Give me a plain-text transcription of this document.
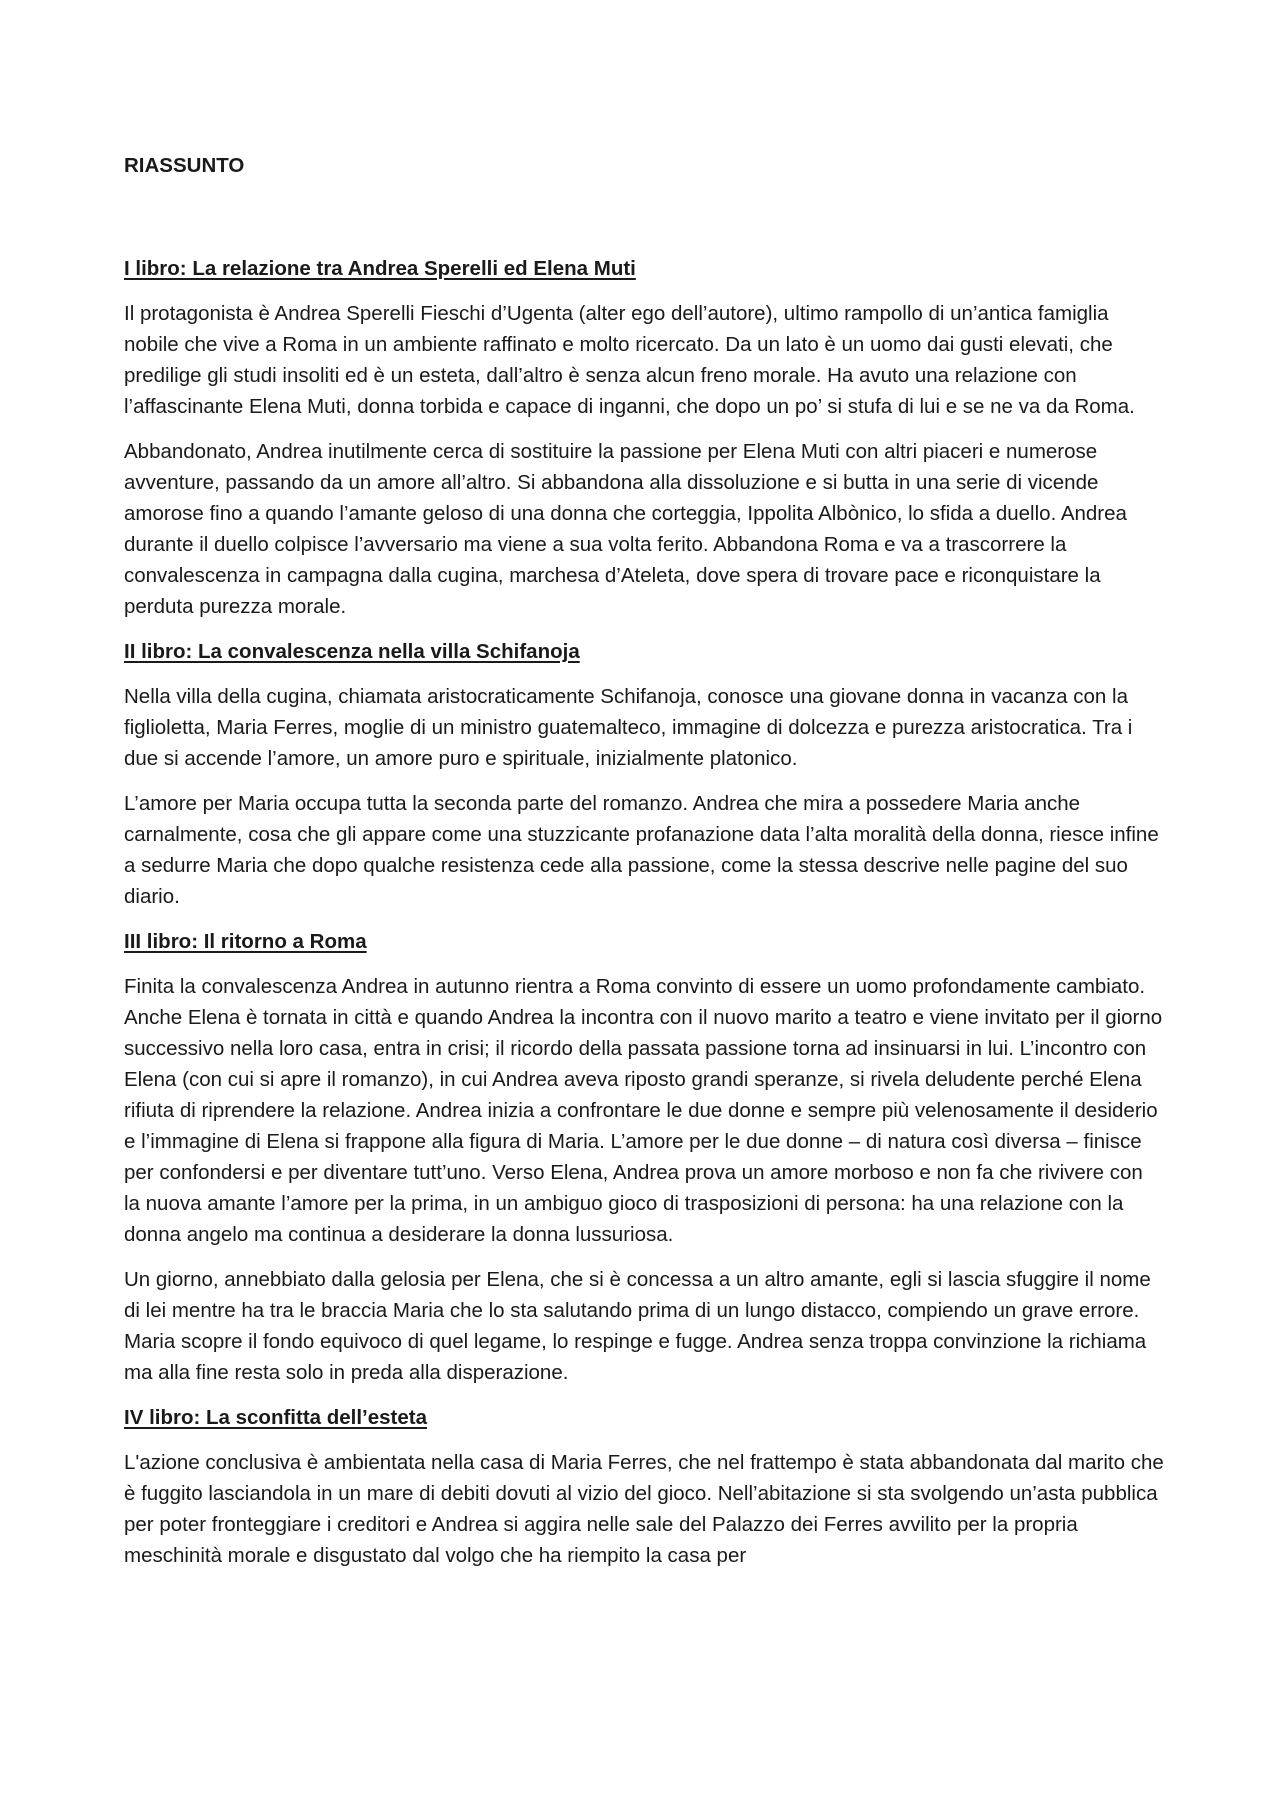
RIASSUNTO
I libro: La relazione tra Andrea Sperelli ed Elena Muti

Il protagonista è Andrea Sperelli Fieschi d’Ugenta (alter ego dell’autore), ultimo rampollo di un’antica famiglia nobile che vive a Roma in un ambiente raffinato e molto ricercato. Da un lato è un uomo dai gusti elevati, che predilige gli studi insoliti ed è un esteta, dall’altro è senza alcun freno morale. Ha avuto una relazione con l’affascinante Elena Muti, donna torbida e capace di inganni, che dopo un po’ si stufa di lui e se ne va da Roma.

Abbandonato, Andrea inutilmente cerca di sostituire la passione per Elena Muti con altri piaceri e numerose avventure, passando da un amore all’altro. Si abbandona alla dissoluzione e si butta in una serie di vicende amorose fino a quando l’amante geloso di una donna che corteggia, Ippolita Albònico, lo sfida a duello. Andrea durante il duello colpisce l’avversario ma viene a sua volta ferito. Abbandona Roma e va a trascorrere la convalescenza in campagna dalla cugina, marchesa d’Ateleta, dove spera di trovare pace e riconquistare la perduta purezza morale.

II libro: La convalescenza nella villa Schifanoja

Nella villa della cugina, chiamata aristocraticamente Schifanoja, conosce una giovane donna in vacanza con la figlioletta, Maria Ferres, moglie di un ministro guatemalteco, immagine di dolcezza e purezza aristocratica. Tra i due si accende l’amore, un amore puro e spirituale, inizialmente platonico.

L’amore per Maria occupa tutta la seconda parte del romanzo. Andrea che mira a possedere Maria anche carnalmente, cosa che gli appare come una stuzzicante profanazione data l’alta moralità della donna, riesce infine a sedurre Maria che dopo qualche resistenza cede alla passione, come la stessa descrive nelle pagine del suo diario.

III libro: Il ritorno a Roma

Finita la convalescenza Andrea in autunno rientra a Roma convinto di essere un uomo profondamente cambiato. Anche Elena è tornata in città e quando Andrea la incontra con il nuovo marito a teatro e viene invitato per il giorno successivo nella loro casa, entra in crisi; il ricordo della passata passione torna ad insinuarsi in lui. L’incontro con Elena (con cui si apre il romanzo), in cui Andrea aveva riposto grandi speranze, si rivela deludente perché Elena rifiuta di riprendere la relazione. Andrea inizia a confrontare le due donne e sempre più velenosamente il desiderio e l’immagine di Elena si frappone alla figura di Maria. L’amore per le due donne – di natura così diversa – finisce per confondersi e per diventare tutt’uno. Verso Elena, Andrea prova un amore morboso e non fa che rivivere con la nuova amante l’amore per la prima, in un ambiguo gioco di trasposizioni di persona: ha una relazione con la donna angelo ma continua a desiderare la donna lussuriosa.

Un giorno, annebbiato dalla gelosia per Elena, che si è concessa a un altro amante, egli si lascia sfuggire il nome di lei mentre ha tra le braccia Maria che lo sta salutando prima di un lungo distacco, compiendo un grave errore. Maria scopre il fondo equivoco di quel legame, lo respinge e fugge. Andrea senza troppa convinzione la richiama ma alla fine resta solo in preda alla disperazione.

IV libro: La sconfitta dell’esteta

L'azione conclusiva è ambientata nella casa di Maria Ferres, che nel frattempo è stata abbandonata dal marito che è fuggito lasciandola in un mare di debiti dovuti al vizio del gioco. Nell’abitazione si sta svolgendo un’asta pubblica per poter fronteggiare i creditori e Andrea si aggira nelle sale del Palazzo dei Ferres avvilito per la propria meschinità morale e disgustato dal volgo che ha riempito la casa per
